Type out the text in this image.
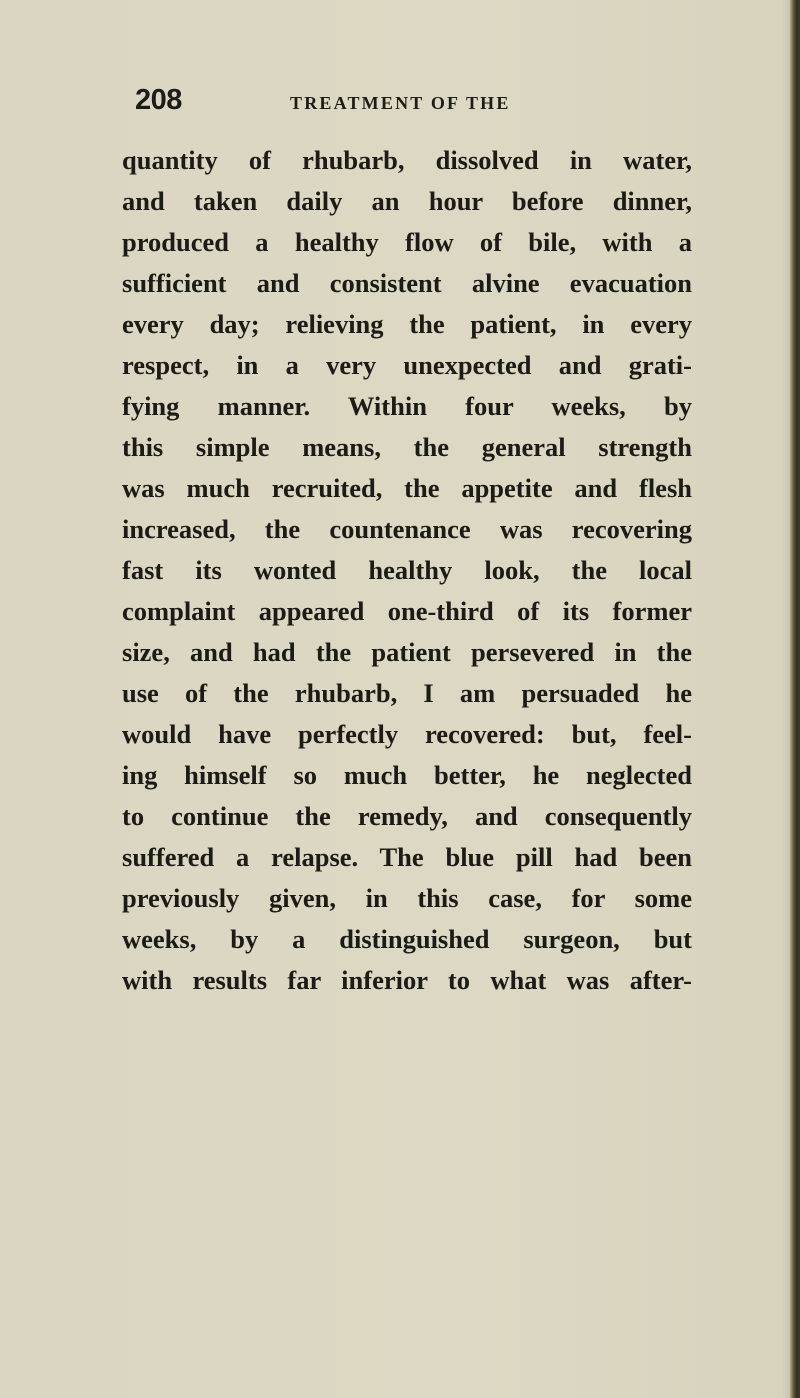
208	TREATMENT OF THE
quantity of rhubarb, dissolved in water,
and taken daily an hour before dinner,
produced a healthy flow of bile, with a
sufficient and consistent alvine evacuation
every day; relieving the patient, in every
respect, in a very unexpected and grati-
fying manner. Within four weeks, by
this simple means, the general strength
was much recruited, the appetite and flesh
increased, the countenance was recovering
fast its wonted healthy look, the local
complaint appeared one-third of its former
size, and had the patient persevered in the
use of the rhubarb, I am persuaded he
would have perfectly recovered: but, feel-
ing himself so much better, he neglected
to continue the remedy, and consequently
suffered a relapse. The blue pill had been
previously given, in this case, for some
weeks, by a distinguished surgeon, but
with results far inferior to what was after-
